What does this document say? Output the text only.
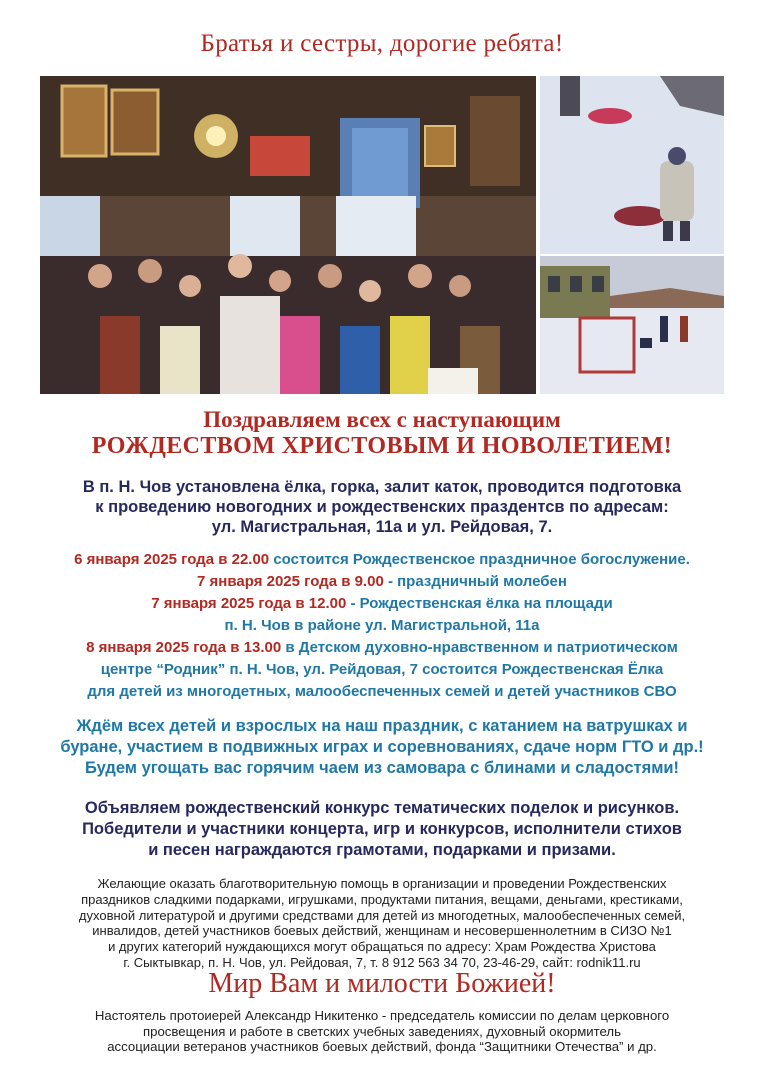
Братья и сестры, дорогие ребята!
Поздравляем всех с наступающим
РОЖДЕСТВОМ ХРИСТОВЫМ И НОВОЛЕТИЕМ!
В п. Н. Чов установлена ёлка, горка, залит каток, проводится подготовка
к проведению новогодних и рождественских праздентсв по адресам:
ул. Магистральная, 11а и ул. Рейдовая, 7.
6 января 2025 года в 22.00 состоится Рождественское праздничное богослужение.
7 января 2025 года в 9.00 - праздничный молебен
7 января 2025 года в 12.00 - Рождественская ёлка на площади
п. Н. Чов в районе ул. Магистральной, 11а
8 января 2025 года в 13.00 в Детском духовно-нравственном и патриотическом
центре “Родник” п. Н. Чов, ул. Рейдовая, 7 состоится Рождественская Ёлка
для детей из многодетных, малообеспеченных семей и детей участников СВО
Ждём всех детей и взрослых на наш праздник, с катанием на ватрушках и
буране, участием в подвижных играх и соревнованиях, сдаче норм ГТО и др.!
Будем угощать вас горячим чаем из самовара с блинами и сладостями!
Объявляем рождественский конкурс тематических поделок и рисунков.
Победители и участники концерта, игр и конкурсов, исполнители стихов
и песен награждаются грамотами, подарками и призами.
Желающие оказать благотворительную помощь в организации и проведении Рождественских
праздников сладкими подарками, игрушками, продуктами питания, вещами, деньгами, крестиками,
духовной литературой и другими средствами для детей из многодетных, малообеспеченных семей,
инвалидов, детей участников боевых действий, женщинам и несовершеннолетним в СИЗО №1
и других категорий нуждающихся могут обращаться по адресу: Храм Рождества Христова
г. Сыктывкар, п. Н. Чов, ул. Рейдовая, 7, т. 8 912 563 34 70, 23-46-29, сайт: rodnik11.ru
Мир Вам и милости Божией!
Настоятель протоиерей Александр Никитенко - председатель комиссии по делам церковного
просвещения и работе в светских учебных заведениях, духовный окормитель
ассоциации ветеранов участников боевых действий, фонда “Защитники Отечества” и др.
